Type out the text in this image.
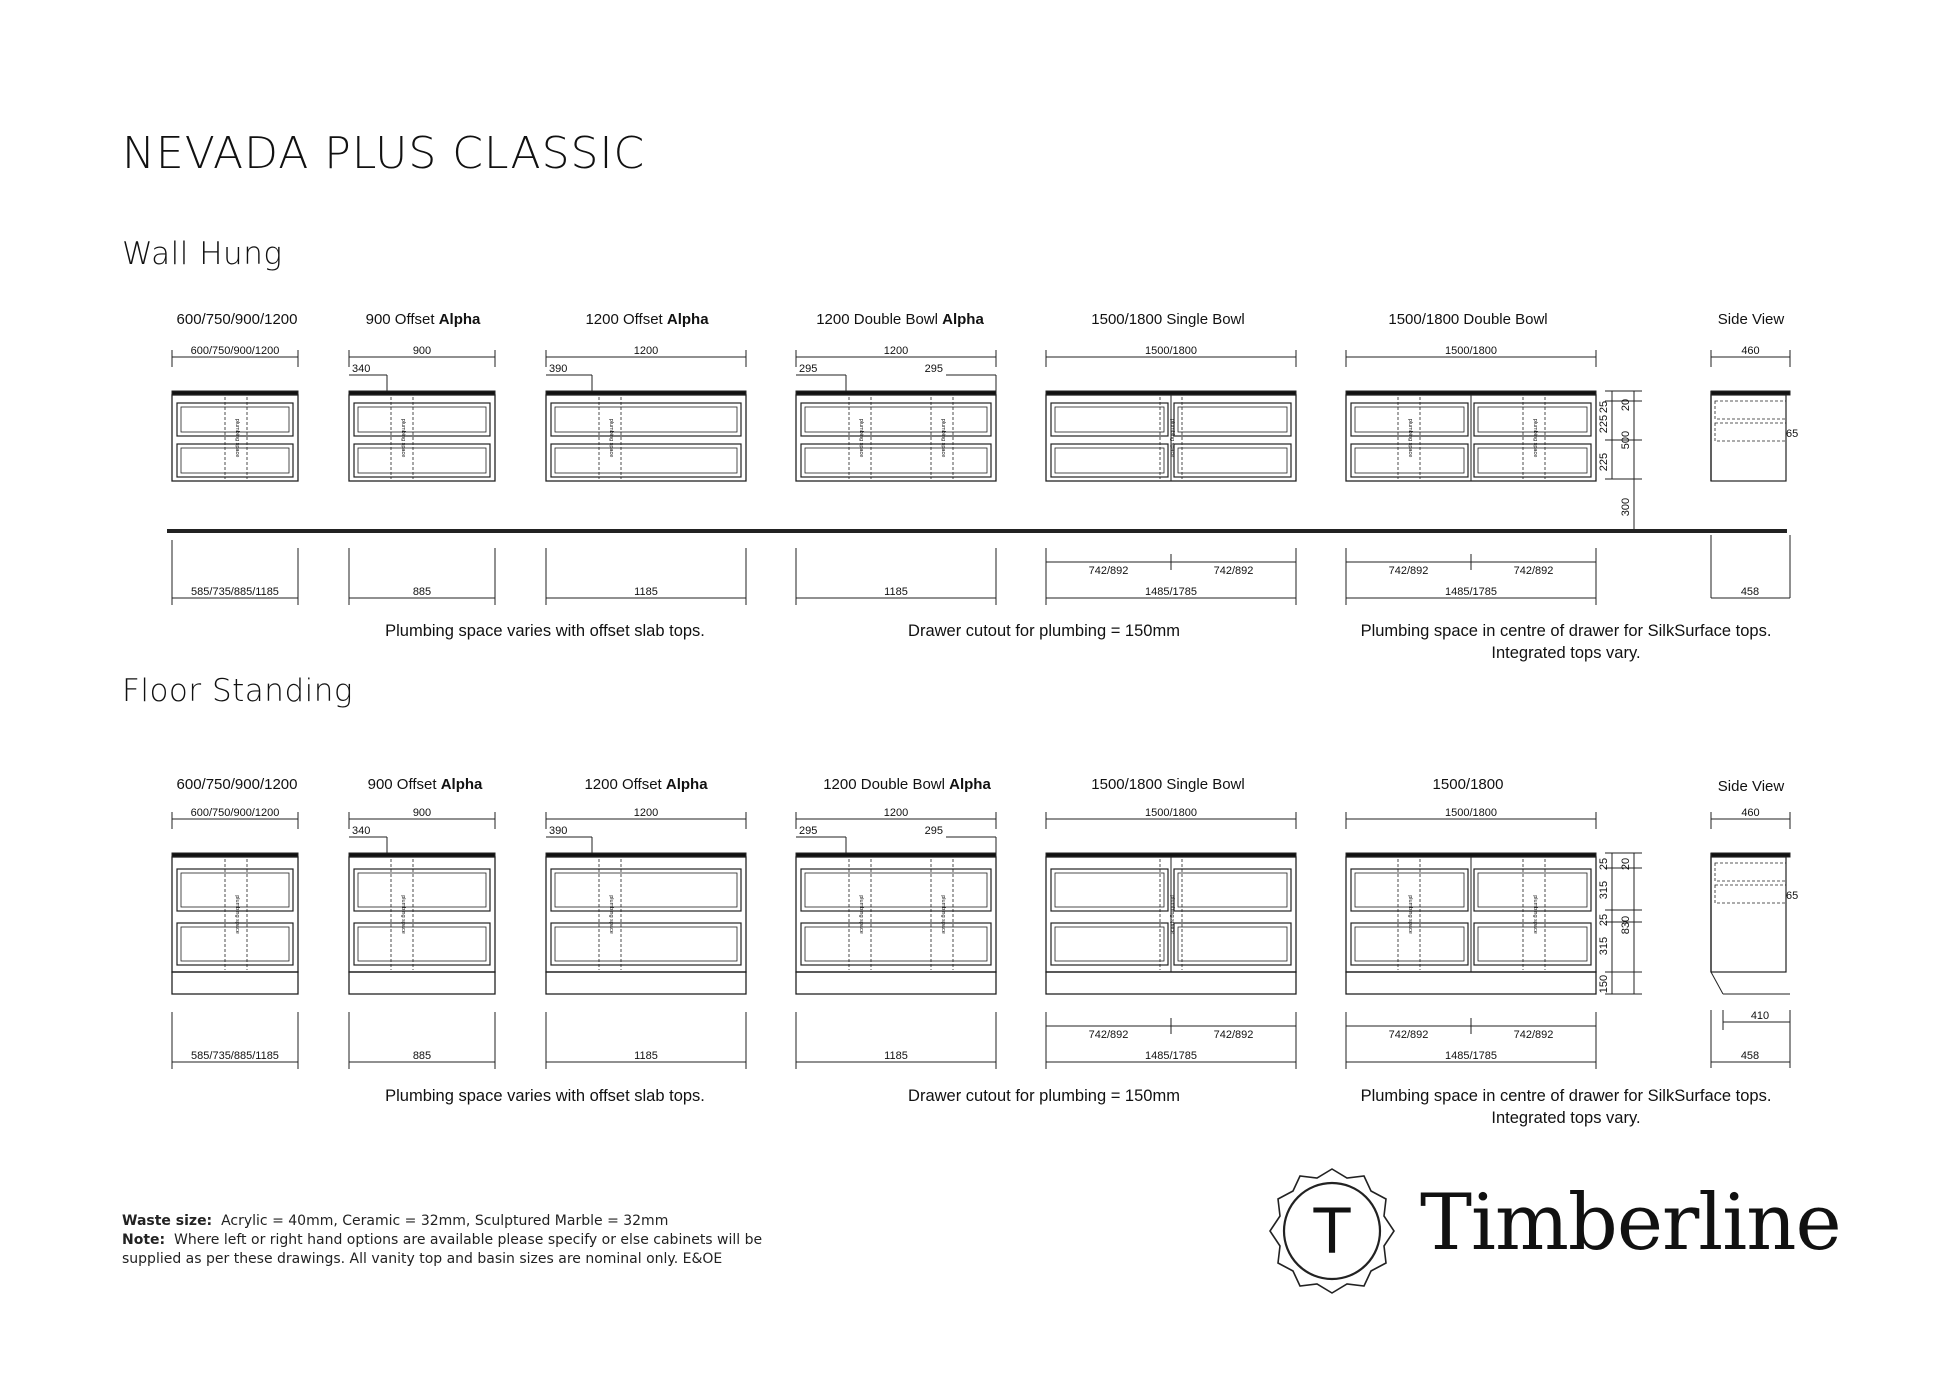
NEVADA PLUS CLASSIC
Wall Hung
Floor Standing
600/750/900/1200	900 Offset Alpha	1200 Offset Alpha	1200 Double Bowl Alpha	1500/1800 Single Bowl	1500/1800 Double Bowl	Side View
600/750/900/1200	900 Offset Alpha	1200 Offset Alpha	1200 Double Bowl Alpha	1500/1800 Single Bowl	1500/1800	Side View
Plumbing space varies with offset slab tops.	Drawer cutout for plumbing = 150mm	Plumbing space in centre of drawer for SilkSurface tops.
Integrated tops vary.
Plumbing space varies with offset slab tops.	Drawer cutout for plumbing = 150mm	Plumbing space in centre of drawer for SilkSurface tops.
Integrated tops vary.
600/750/900/1200	900	1200	1200	1500/1800	1500/1800
340	390	295	295
plumbing space	plumbing space	plumbing space	plumbing space	plumbing space	plumbing space	plumbing space	plumbing space
585/735/885/1185	885	1185	1185	1485/1785	1485/1785
742/892	742/892	742/892	742/892
460
65
25 20
225
500
225
300
458
600/750/900/1200	900	1200	1200	1500/1800	1500/1800
340	390	295	295
plumbing space	plumbing space	plumbing space	plumbing space	plumbing space	plumbing space	plumbing space	plumbing space
585/735/885/1185	885	1185	1185	1485/1785	1485/1785
742/892	742/892	742/892	742/892
460
65
410
458
25 20
315
830
25
315
150
Waste size: Acrylic = 40mm, Ceramic = 32mm, Sculptured Marble = 32mm
Note: Where left or right hand options are available please specify or else cabinets will be
supplied as per these drawings. All vanity top and basin sizes are nominal only. E&OE	T Timberline
